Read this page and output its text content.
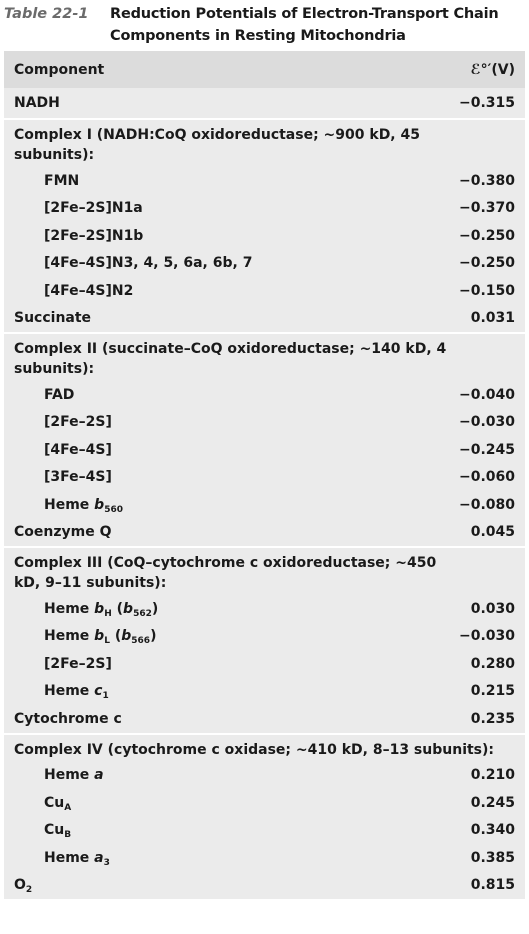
Table 22-1	Reduction Potentials of Electron-Transport Chain Components in Resting Mitochondria
Component	ℰ°′(V)
NADH	−0.315
Complex I (NADH:CoQ oxidoreductase; ~900 kD, 45 subunits):
FMN	−0.380
[2Fe–2S]N1a	−0.370
[2Fe–2S]N1b	−0.250
[4Fe–4S]N3, 4, 5, 6a, 6b, 7	−0.250
[4Fe–4S]N2	−0.150
Succinate	0.031
Complex II (succinate–CoQ oxidoreductase; ~140 kD, 4 subunits):
FAD	−0.040
[2Fe–2S]	−0.030
[4Fe–4S]	−0.245
[3Fe–4S]	−0.060
Heme $b_{560}$	−0.080
Coenzyme Q	0.045
Complex III (CoQ–cytochrome c oxidoreductase; ~450 kD, 9–11 subunits):
Heme $b_H$ $(b_{562})$	0.030
Heme $b_L$ $(b_{566})$	−0.030
[2Fe–2S]	0.280
Heme $c_1$	0.215
Cytochrome c	0.235
Complex IV (cytochrome c oxidase; ~410 kD, 8–13 subunits):
Heme a	0.210
$Cu_A$	0.245
$Cu_B$	0.340
Heme $a_3$	0.385
$O_2$	0.815
